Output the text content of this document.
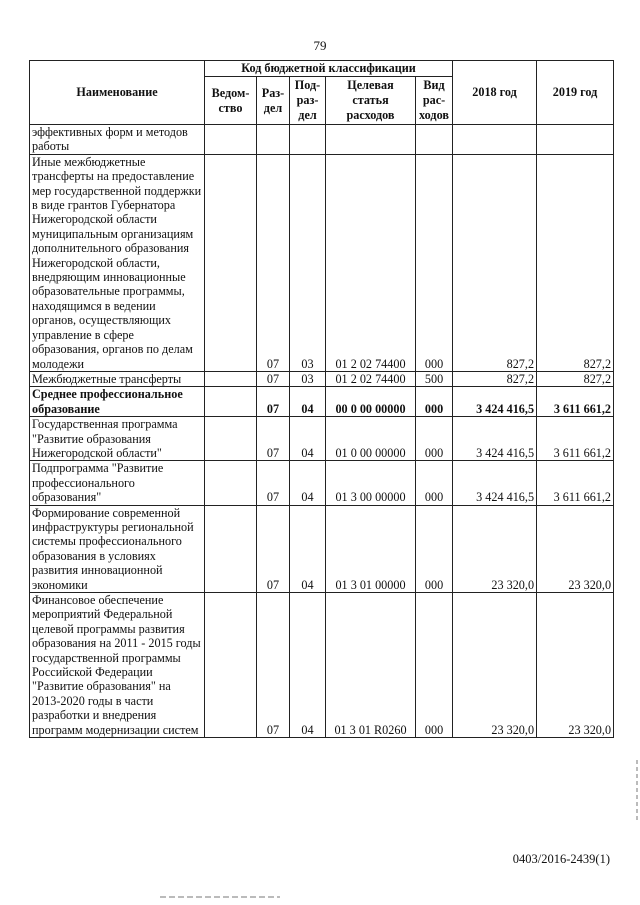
79
Наименование	Код бюджетной классификации					2018 год	2019 год
	Ведом-ство	Раз-дел	Под-раз-дел	Целевая статья расходов	Вид рас-ходов		
эффективных форм и методов работы							
Иные межбюджетные трансферты на предоставление мер государственной поддержки в виде грантов Губернатора Нижегородской области муниципальным организациям дополнительного образования Нижегородской области, внедряющим инновационные образовательные программы, находящимся в ведении органов, осуществляющих управление в сфере образования, органов по делам молодежи		07	03	01 2 02 74400	000	827,2	827,2
Межбюджетные трансферты		07	03	01 2 02 74400	500	827,2	827,2
Среднее профессиональное образование		07	04	00 0 00 00000	000	3 424 416,5	3 611 661,2
Государственная программа "Развитие образования Нижегородской области"		07	04	01 0 00 00000	000	3 424 416,5	3 611 661,2
Подпрограмма "Развитие профессионального образования"		07	04	01 3 00 00000	000	3 424 416,5	3 611 661,2
Формирование современной инфраструктуры региональной системы профессионального образования в условиях развития инновационной экономики		07	04	01 3 01 00000	000	23 320,0	23 320,0
Финансовое обеспечение мероприятий Федеральной целевой программы развития образования на 2011 - 2015 годы государственной программы Российской Федерации "Развитие образования" на 2013-2020 годы в части разработки и внедрения программ модернизации систем		07	04	01 3 01 R0260	000	23 320,0	23 320,0
0403/2016-2439(1)
